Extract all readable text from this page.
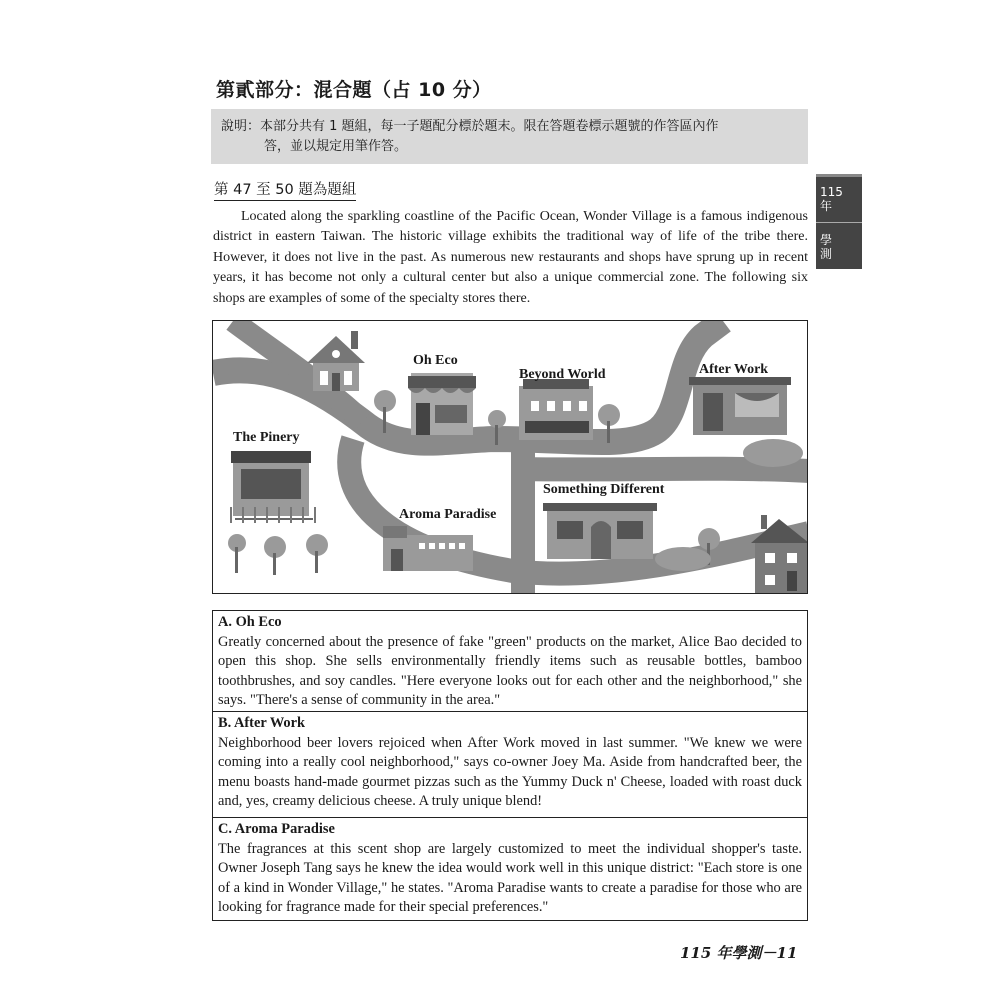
第貳部分：混合題（占 10 分）
說明：本部分共有 1 題組，每一子題配分標於題末。限在答題卷標示題號的作答區內作
答，並以規定用筆作答。
115
年
學
測
第 47 至 50 題為題組

Located along the sparkling coastline of the Pacific Ocean, Wonder Village is a famous indigenous district in eastern Taiwan. The historic village exhibits the traditional way of life of the tribe there. However, it does not live in the past. As numerous new restaurants and shops have sprung up in recent years, it has become not only a cultural center but also a unique commercial zone. The following six shops are examples of some of the specialty stores there.

Oh Eco
Beyond World	After Work
The Pinery
Something Different
Aroma Paradise
A. Oh Eco

Greatly concerned about the presence of fake "green" products on the market, Alice Bao decided to open this shop. She sells environmentally friendly items such as reusable bottles, bamboo toothbrushes, and soy candles. "Here everyone looks out for each other and the neighborhood," she says. "There's a sense of community in the area."

B. After Work

Neighborhood beer lovers rejoiced when After Work moved in last summer. "We knew we were coming into a really cool neighborhood," says co-owner Joey Ma. Aside from handcrafted beer, the menu boasts hand-made gourmet pizzas such as the Yummy Duck n' Cheese, loaded with roast duck and, yes, creamy delicious cheese. A truly unique blend!

C. Aroma Paradise

The fragrances at this scent shop are largely customized to meet the individual shopper's taste. Owner Joseph Tang says he knew the idea would work well in this unique district: "Each store is one of a kind in Wonder Village," he states. "Aroma Paradise wants to create a paradise for those who are looking for fragrance made for their special preferences."

115 年學測－11
